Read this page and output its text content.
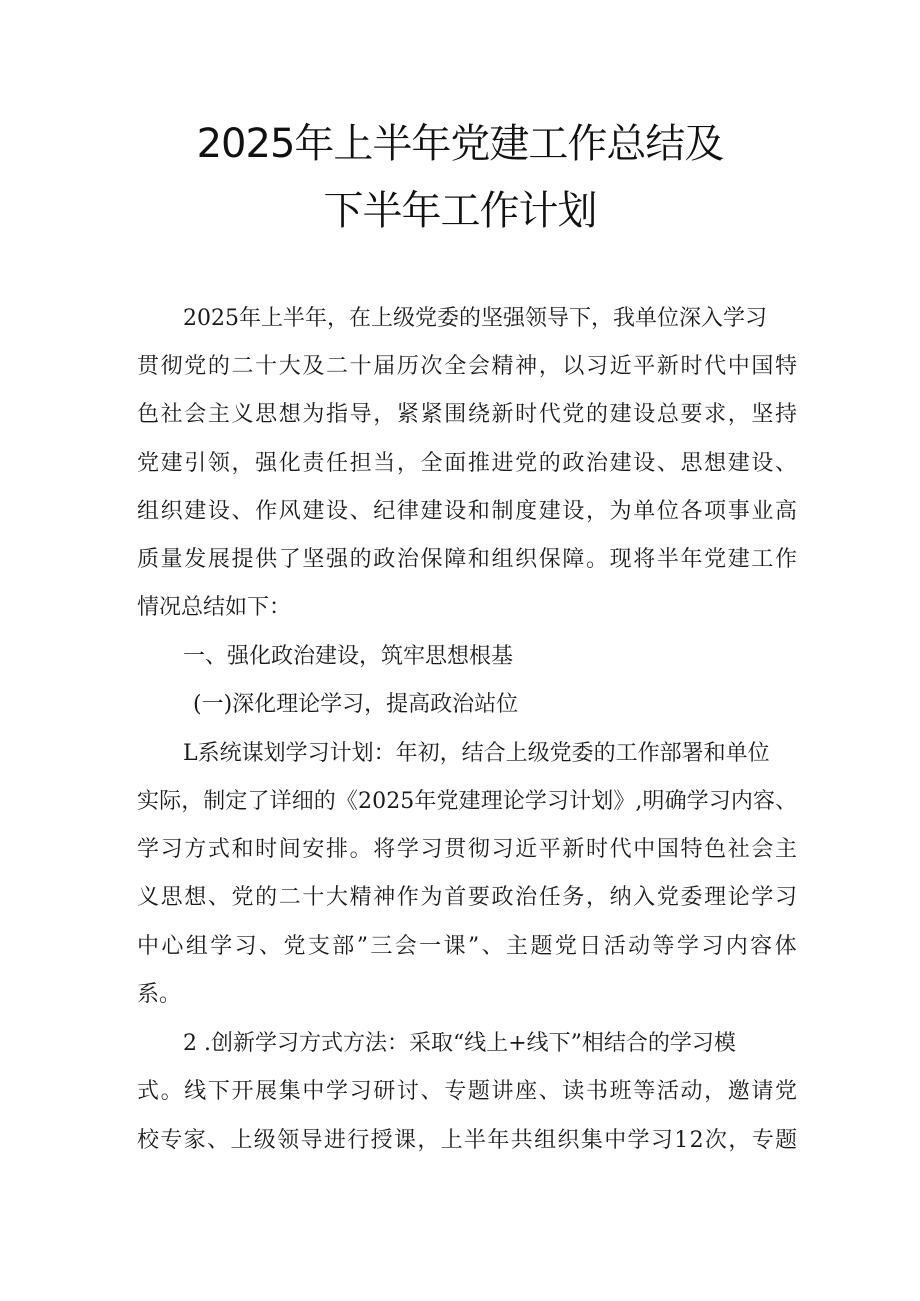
2025年上半年党建工作总结及
下半年工作计划
2025年上半年，在上级党委的坚强领导下，我单位深入学习
贯彻党的二十大及二十届历次全会精神，以习近平新时代中国特
色社会主义思想为指导，紧紧围绕新时代党的建设总要求，坚持
党建引领，强化责任担当，全面推进党的政治建设、思想建设、
组织建设、作风建设、纪律建设和制度建设，为单位各项事业高
质量发展提供了坚强的政治保障和组织保障。现将半年党建工作
情况总结如下：
一、强化政治建设，筑牢思想根基
(一)深化理论学习，提高政治站位
L系统谋划学习计划：年初，结合上级党委的工作部署和单位
实际，制定了详细的《2025年党建理论学习计划》,明确学习内容、
学习方式和时间安排。将学习贯彻习近平新时代中国特色社会主
义思想、党的二十大精神作为首要政治任务，纳入党委理论学习
中心组学习、党支部”三会一课”、主题党日活动等学习内容体
系。
2 .创新学习方式方法：采取“线上+线下”相结合的学习模
式。线下开展集中学习研讨、专题讲座、读书班等活动，邀请党
校专家、上级领导进行授课，上半年共组织集中学习12次，专题
